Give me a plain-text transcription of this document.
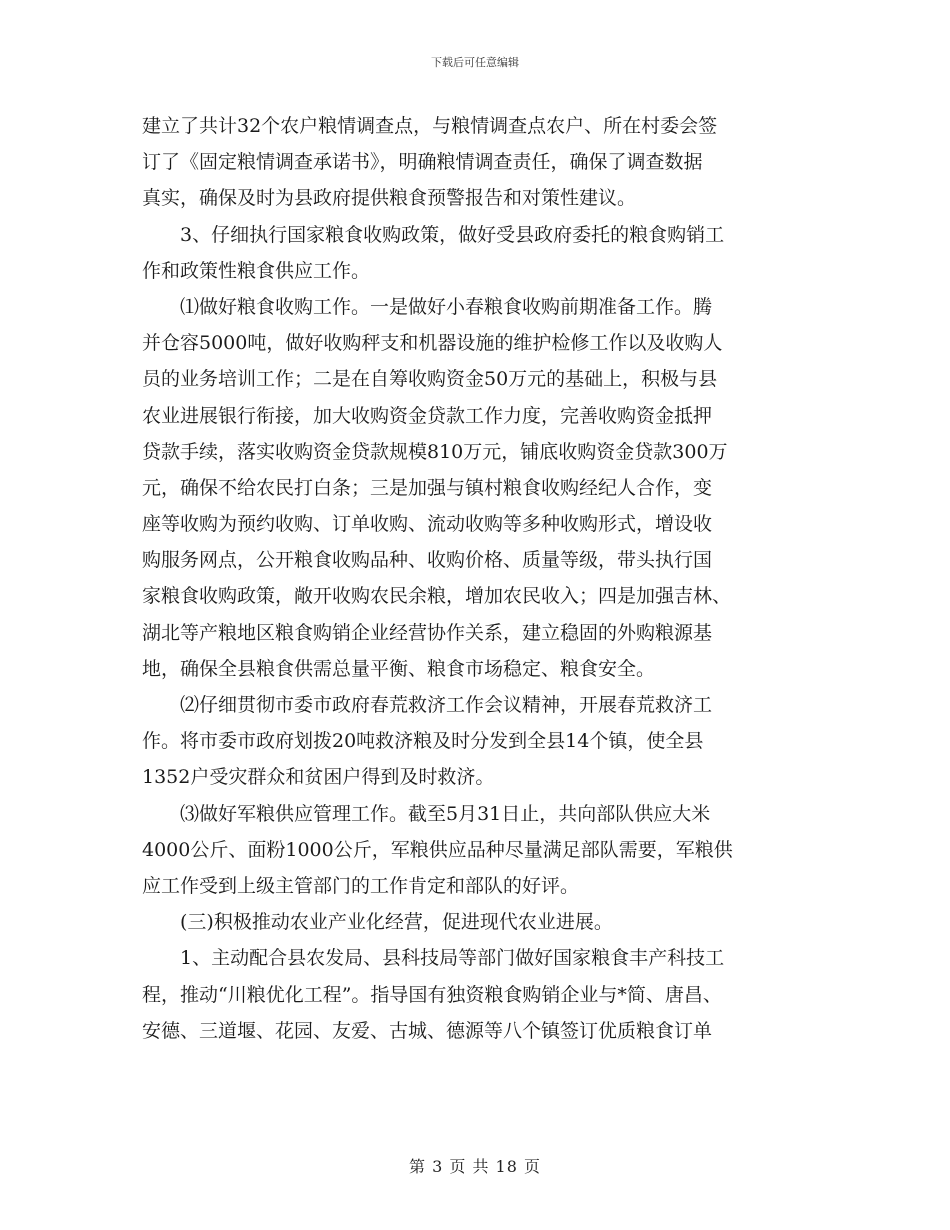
下载后可任意编辑
建立了共计32个农户粮情调查点，与粮情调查点农户、所在村委会签
订了《固定粮情调查承诺书》，明确粮情调查责任，确保了调查数据
真实，确保及时为县政府提供粮食预警报告和对策性建议。
3、仔细执行国家粮食收购政策，做好受县政府委托的粮食购销工
作和政策性粮食供应工作。
⑴做好粮食收购工作。一是做好小春粮食收购前期准备工作。腾
并仓容5000吨，做好收购秤支和机器设施的维护检修工作以及收购人
员的业务培训工作；二是在自筹收购资金50万元的基础上，积极与县
农业进展银行衔接，加大收购资金贷款工作力度，完善收购资金抵押
贷款手续，落实收购资金贷款规模810万元，铺底收购资金贷款300万
元，确保不给农民打白条；三是加强与镇村粮食收购经纪人合作，变
座等收购为预约收购、订单收购、流动收购等多种收购形式，增设收
购服务网点，公开粮食收购品种、收购价格、质量等级，带头执行国
家粮食收购政策，敞开收购农民余粮，增加农民收入；四是加强吉林、
湖北等产粮地区粮食购销企业经营协作关系，建立稳固的外购粮源基
地，确保全县粮食供需总量平衡、粮食市场稳定、粮食安全。
⑵仔细贯彻市委市政府春荒救济工作会议精神，开展春荒救济工
作。将市委市政府划拨20吨救济粮及时分发到全县14个镇，使全县
1352户受灾群众和贫困户得到及时救济。
⑶做好军粮供应管理工作。截至5月31日止，共向部队供应大米
4000公斤、面粉1000公斤，军粮供应品种尽量满足部队需要，军粮供
应工作受到上级主管部门的工作肯定和部队的好评。
(三)积极推动农业产业化经营，促进现代农业进展。
1、主动配合县农发局、县科技局等部门做好国家粮食丰产科技工
程，推动“川粮优化工程”。指导国有独资粮食购销企业与*简、唐昌、
安德、三道堰、花园、友爱、古城、德源等八个镇签订优质粮食订单
第 3 页 共 18 页
